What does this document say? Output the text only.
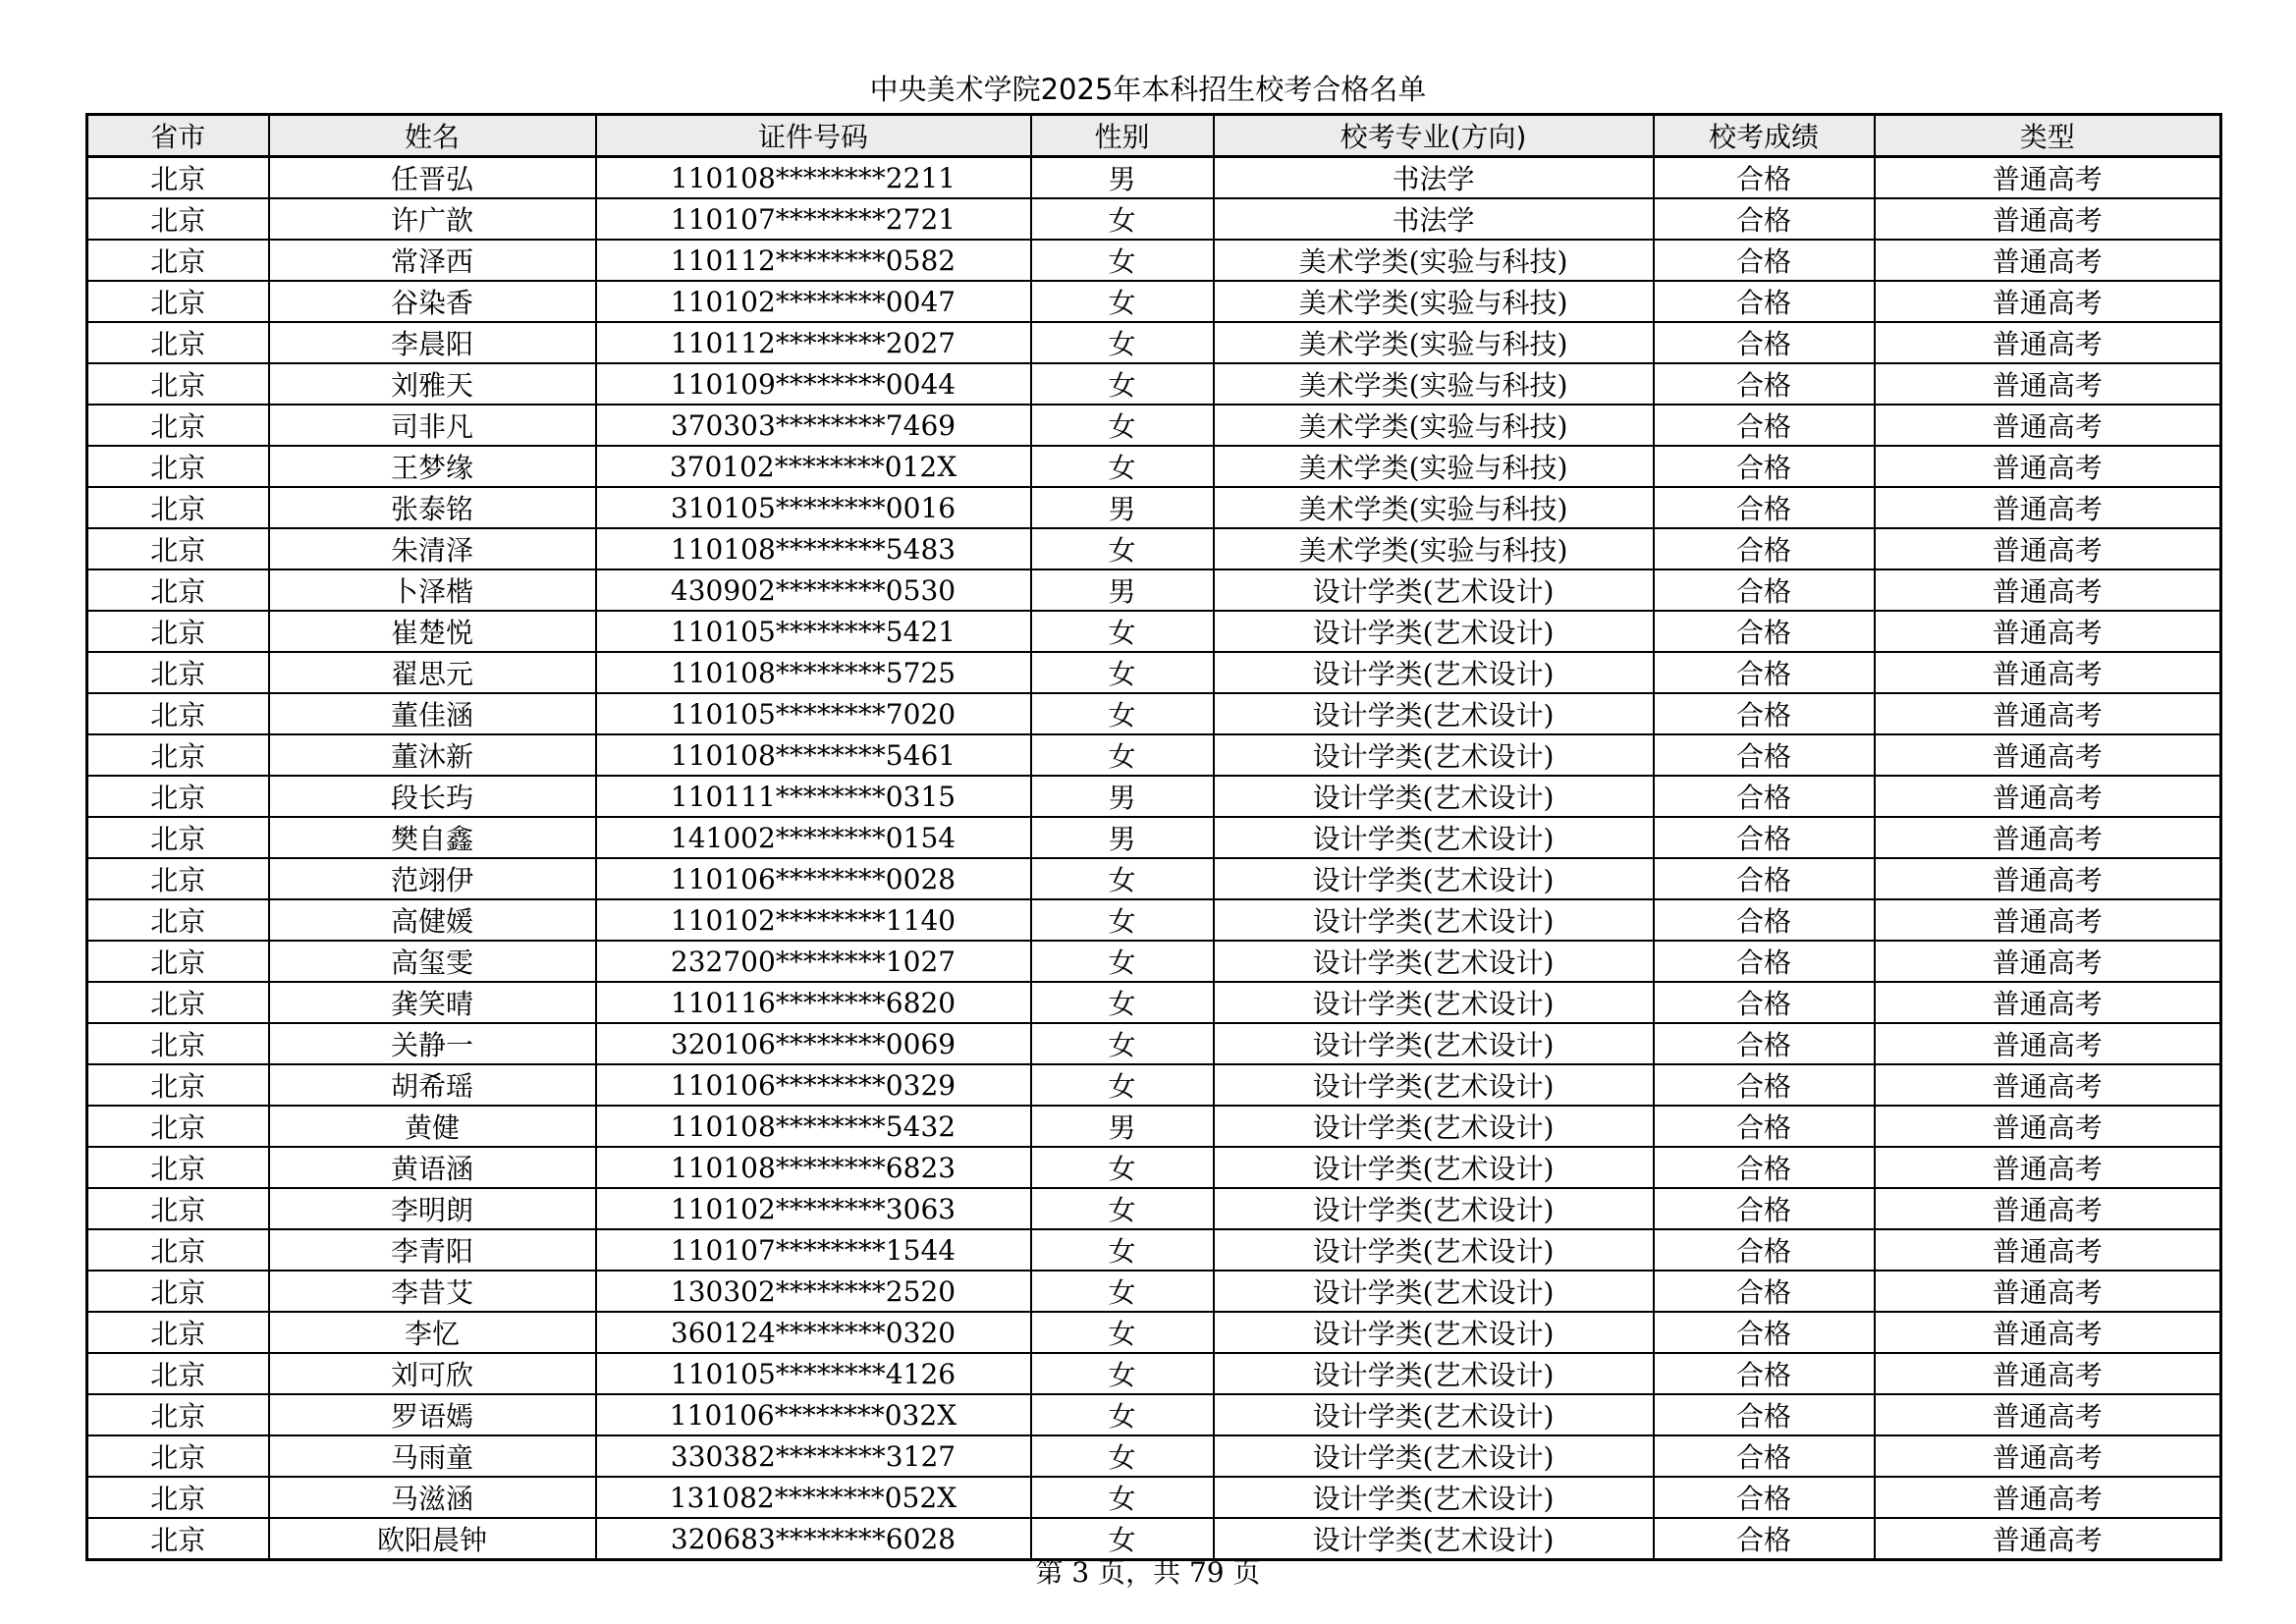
中央美术学院2025年本科招生校考合格名单
省市	姓名	证件号码	性别	校考专业(方向)	校考成绩	类型
北京	任晋弘	110108********2211	男	书法学	合格	普通高考
北京	许广歆	110107********2721	女	书法学	合格	普通高考
北京	常泽西	110112********0582	女	美术学类(实验与科技)	合格	普通高考
北京	谷染香	110102********0047	女	美术学类(实验与科技)	合格	普通高考
北京	李晨阳	110112********2027	女	美术学类(实验与科技)	合格	普通高考
北京	刘雅天	110109********0044	女	美术学类(实验与科技)	合格	普通高考
北京	司非凡	370303********7469	女	美术学类(实验与科技)	合格	普通高考
北京	王梦缘	370102********012X	女	美术学类(实验与科技)	合格	普通高考
北京	张泰铭	310105********0016	男	美术学类(实验与科技)	合格	普通高考
北京	朱清泽	110108********5483	女	美术学类(实验与科技)	合格	普通高考
北京	卜泽楷	430902********0530	男	设计学类(艺术设计)	合格	普通高考
北京	崔楚悦	110105********5421	女	设计学类(艺术设计)	合格	普通高考
北京	翟思元	110108********5725	女	设计学类(艺术设计)	合格	普通高考
北京	董佳涵	110105********7020	女	设计学类(艺术设计)	合格	普通高考
北京	董沐新	110108********5461	女	设计学类(艺术设计)	合格	普通高考
北京	段长玙	110111********0315	男	设计学类(艺术设计)	合格	普通高考
北京	樊自鑫	141002********0154	男	设计学类(艺术设计)	合格	普通高考
北京	范翊伊	110106********0028	女	设计学类(艺术设计)	合格	普通高考
北京	高健媛	110102********1140	女	设计学类(艺术设计)	合格	普通高考
北京	高玺雯	232700********1027	女	设计学类(艺术设计)	合格	普通高考
北京	龚笑晴	110116********6820	女	设计学类(艺术设计)	合格	普通高考
北京	关静一	320106********0069	女	设计学类(艺术设计)	合格	普通高考
北京	胡希瑶	110106********0329	女	设计学类(艺术设计)	合格	普通高考
北京	黄健	110108********5432	男	设计学类(艺术设计)	合格	普通高考
北京	黄语涵	110108********6823	女	设计学类(艺术设计)	合格	普通高考
北京	李明朗	110102********3063	女	设计学类(艺术设计)	合格	普通高考
北京	李青阳	110107********1544	女	设计学类(艺术设计)	合格	普通高考
北京	李昔艾	130302********2520	女	设计学类(艺术设计)	合格	普通高考
北京	李忆	360124********0320	女	设计学类(艺术设计)	合格	普通高考
北京	刘可欣	110105********4126	女	设计学类(艺术设计)	合格	普通高考
北京	罗语嫣	110106********032X	女	设计学类(艺术设计)	合格	普通高考
北京	马雨童	330382********3127	女	设计学类(艺术设计)	合格	普通高考
北京	马滋涵	131082********052X	女	设计学类(艺术设计)	合格	普通高考
北京	欧阳晨钟	320683********6028	女	设计学类(艺术设计)	合格	普通高考
第 3 页，共 79 页
